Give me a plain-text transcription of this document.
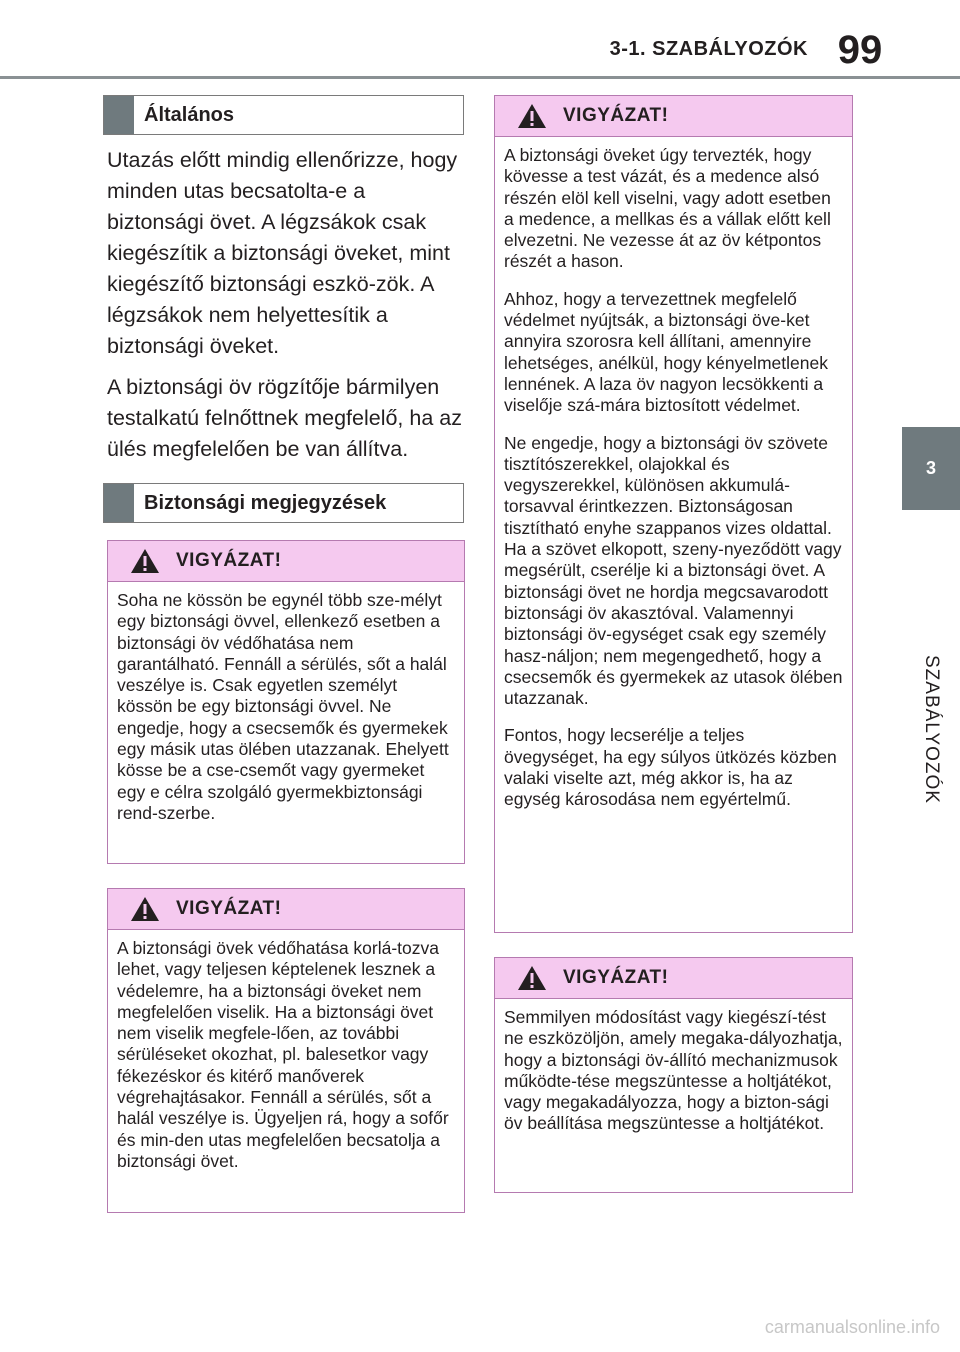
3-1. SZABÁLYOZÓK 99
3
SZABÁLYOZÓK
Általános

Utazás előtt mindig ellenőrizze, hogy minden utas becsatolta-e a biztonsági övet. A légzsákok csak kiegészítik a biztonsági öveket, mint kiegészítő biztonsági eszkö-zök. A légzsákok nem helyettesítik a biztonsági öveket.

A biztonsági öv rögzítője bármilyen testalkatú felnőttnek megfelelő, ha az ülés megfelelően be van állítva.

Biztonsági megjegyzések
VIGYÁZAT!

Soha ne kössön be egynél több sze-mélyt egy biztonsági övvel, ellenkező esetben a biztonsági öv védőhatása nem garantálható. Fennáll a sérülés, sőt a halál veszélye is. Csak egyetlen személyt kössön be egy biztonsági övvel. Ne engedje, hogy a csecsemők és gyermekek egy másik utas ölében utazzanak. Ehelyett kösse be a cse-csemőt vagy gyermeket egy e célra szolgáló gyermekbiztonsági rend-szerbe.

VIGYÁZAT!

A biztonsági övek védőhatása korlá-tozva lehet, vagy teljesen képtelenek lesznek a védelemre, ha a biztonsági öveket nem megfelelően viselik. Ha a biztonsági övet nem viselik megfele-lően, az további sérüléseket okozhat, pl. balesetkor vagy fékezéskor és kitérő manőverek végrehajtásakor. Fennáll a sérülés, sőt a halál veszélye is. Ügyeljen rá, hogy a sofőr és min-den utas megfelelően becsatolja a biztonsági övet.

VIGYÁZAT!

A biztonsági öveket úgy tervezték, hogy kövesse a test vázát, és a medence alsó részén elöl kell viselni, vagy adott esetben a medence, a mellkas és a vállak előtt kell elvezetni. Ne vezesse át az öv kétpontos részét a hason.

Ahhoz, hogy a tervezettnek megfelelő védelmet nyújtsák, a biztonsági öve-ket annyira szorosra kell állítani, amennyire lehetséges, anélkül, hogy kényelmetlenek lennének. A laza öv nagyon lecsökkenti a viselője szá-mára biztosított védelmet.

Ne engedje, hogy a biztonsági öv szövete tisztítószerekkel, olajokkal és vegyszerekkel, különösen akkumulá-torsavval érintkezzen. Biztonságosan tisztítható enyhe szappanos vizes oldattal. Ha a szövet elkopott, szeny-nyeződött vagy megsérült, cserélje ki a biztonsági övet. A biztonsági övet ne hordja megcsavarodott biztonsági öv akasztóval. Valamennyi biztonsági öv-egységet csak egy személy hasz-náljon; nem megengedhető, hogy a csecsemők és gyermekek az utasok ölében utazzanak.

Fontos, hogy lecserélje a teljes övegységet, ha egy súlyos ütközés közben valaki viselte azt, még akkor is, ha az egység károsodása nem egyértelmű.

VIGYÁZAT!

Semmilyen módosítást vagy kiegészí-tést ne eszközöljön, amely megaka-dályozhatja, hogy a biztonsági öv-állító mechanizmusok működte-tése megszüntesse a holtjátékot, vagy megakadályozza, hogy a bizton-sági öv beállítása megszüntesse a holtjátékot.

carmanualsonline.info
